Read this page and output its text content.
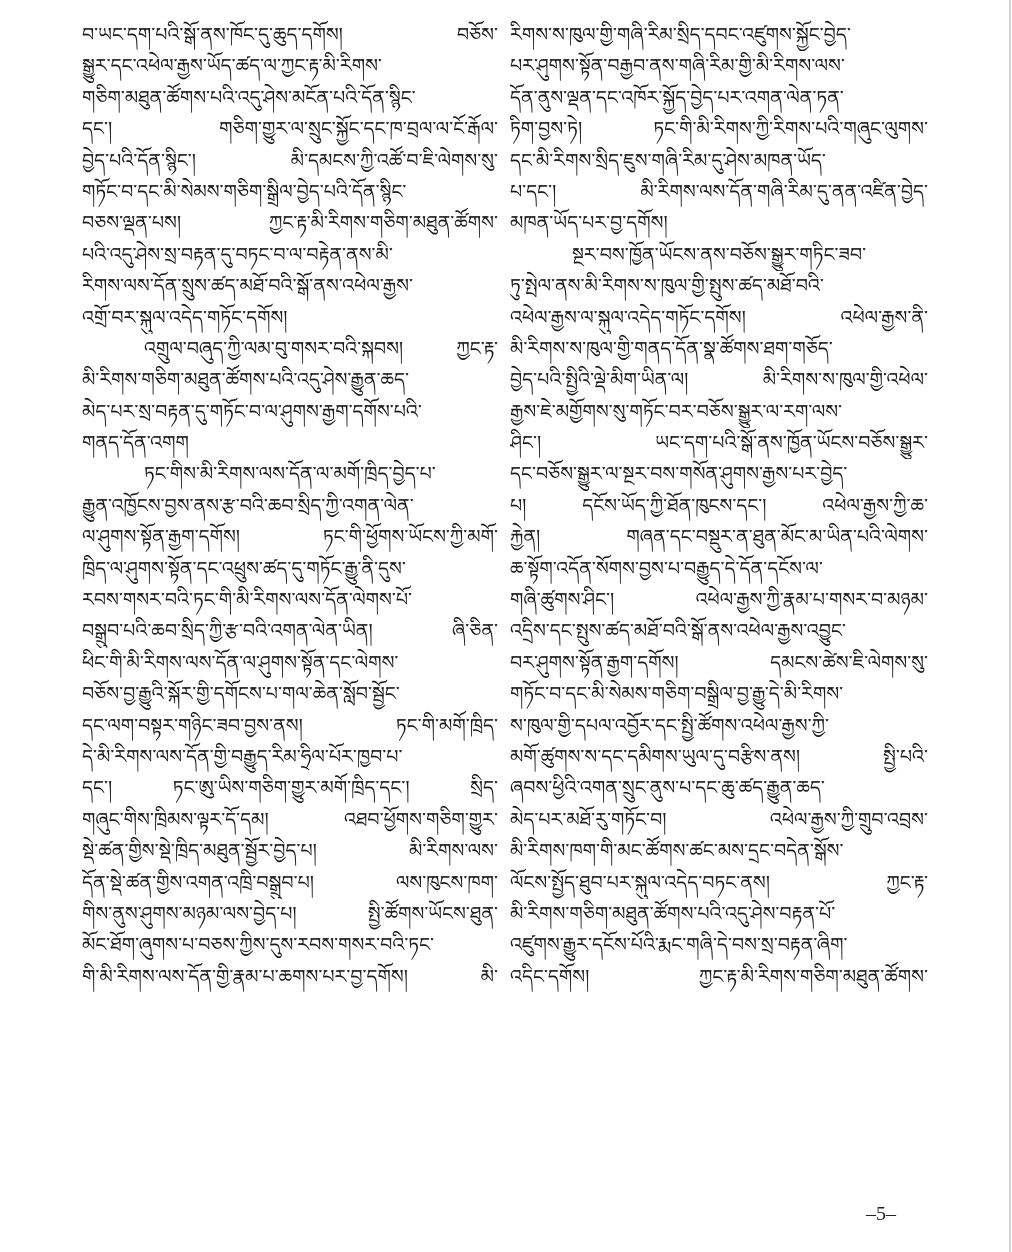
བ་ཡང་དག་པའི་སྒོ་ནས་ཁོང་དུ་ཆུད་དགོས། བཅོས་
སྒྱུར་དང་འཕེལ་རྒྱས་ཡོད་ཚད་ལ་ཀྱང་རྟ་མི་རིགས་
གཅིག་མཐུན་ཚོགས་པའི་འདུ་ཤེས་མངོན་པའི་དོན་སྙིང་
དང་། གཅིག་གྱུར་ལ་སྲུང་སྐྱོང་དང་ཁ་བྲལ་ལ་ངོ་རྒོལ་
བྱེད་པའི་དོན་སྙིང་། མི་དམངས་ཀྱི་འཚོ་བ་ཇི་ལེགས་སུ་
གཏོང་བ་དང་མི་སེམས་གཅིག་སྒྲིལ་བྱེད་པའི་དོན་སྙིང་
བཅས་ལྡན་པས། ཀྱང་རྟ་མི་རིགས་གཅིག་མཐུན་ཚོགས་
པའི་འདུ་ཤེས་སྲ་བརྟན་དུ་བཏང་བ་ལ་བརྟེན་ནས་མི་
རིགས་ལས་དོན་སྲུས་ཚད་མཐོ་བའི་སྒོ་ནས་འཕེལ་རྒྱས་
འགྲོ་བར་སྐུལ་འདེད་གཏོང་དགོས།
འགྲུལ་བཞུད་ཀྱི་ལམ་བུ་གསར་བའི་སྐབས། ཀྱང་རྟ་
མི་རིགས་གཅིག་མཐུན་ཚོགས་པའི་འདུ་ཤེས་རྒྱུན་ཆད་
མེད་པར་སྲ་བརྟན་དུ་གཏོང་བ་ལ་ཤུགས་རྒྱག་དགོས་པའི་
གནད་དོན་འགག
ཏང་གིས་མི་རིགས་ལས་དོན་ལ་མགོ་ཁྲིད་བྱེད་པ་
རྒྱུན་འཁྱོངས་བྱས་ནས་རྩ་བའི་ཆབ་སྲིད་ཀྱི་འགན་ལེན་
ལ་ཤུགས་སྟོན་རྒྱག་དགོས། ཏང་གི་ཕྱོགས་ཡོངས་ཀྱི་མགོ་
ཁྲིད་ལ་ཤུགས་སྟོན་དང་འཕྲུས་ཚད་དུ་གཏོང་རྒྱུ་ནི་དུས་
རབས་གསར་བའི་ཏང་གི་མི་རིགས་ལས་དོན་ལེགས་པོ་
བསྒྲུབ་པའི་ཆབ་སྲིད་ཀྱི་རྩ་བའི་འགན་ལེན་ཡིན། ཞི་ཅིན་
ཕིང་གི་མི་རིགས་ལས་དོན་ལ་ཤུགས་སྟོན་དང་ལེགས་
བཅོས་བྱ་རྒྱུའི་སྐོར་གྱི་དགོངས་པ་གལ་ཆེན་སློབ་སྦྱོང་
དང་ལག་བསྟར་གཉིང་ཟབ་བྱས་ནས། ཏང་གི་མགོ་ཁྲིད་
དེ་མི་རིགས་ལས་དོན་གྱི་བརྒྱུད་རིམ་ཧྲིལ་པོར་ཁྱབ་པ་
དང་། ཏང་ཨུ་ཡིས་གཅིག་གྱུར་མགོ་ཁྲིད་དང་། སྲིད་
གཞུང་གིས་ཁྲིམས་ལྟར་དོ་དམ། འཐབ་ཕྱོགས་གཅིག་གྱུར་
སྡེ་ཚན་གྱིས་སྡེ་ཁྲིད་མཐུན་སྦྱོར་བྱེད་པ། མི་རིགས་ལས་
དོན་སྡེ་ཚན་གྱིས་འགན་འཁྲི་བསྒྲུབ་པ། ལས་ཁུངས་ཁག་
གིས་ནུས་ཤུགས་མཉམ་ལས་བྱེད་པ། སྤྱི་ཚོགས་ཡོངས་ཐུན་
མོང་ཐོག་ཞུགས་པ་བཅས་ཀྱིས་དུས་རབས་གསར་བའི་ཏང་
གི་མི་རིགས་ལས་དོན་གྱི་རྣམ་པ་ཆགས་པར་བྱ་དགོས། མི་
རིགས་ས་ཁུལ་གྱི་གཞི་རིམ་སྲིད་དབང་འཛུགས་སྐྱོང་བྱེད་
པར་ཤུགས་སྟོན་བརྒྱབ་ནས་གཞི་རིམ་གྱི་མི་རིགས་ལས་
དོན་ནུས་ལྡན་དང་འཁོར་སྐྱོད་བྱེད་པར་འགན་ལེན་ཏན་
ཏིག་བྱས་ཏེ། ཏང་གི་མི་རིགས་ཀྱི་རིགས་པའི་གཞུང་ལུགས་
དང་མི་རིགས་སྲིད་ཇུས་གཞི་རིམ་དུ་ཤེས་མཁན་ཡོད་
པ་དང་། མི་རིགས་ལས་དོན་གཞི་རིམ་དུ་ནན་འཛིན་བྱེད་
མཁན་ཡོད་པར་བྱ་དགོས།
སྔར་བས་ཁྱོན་ཡོངས་ནས་བཅོས་སྒྱུར་གཏིང་ཟབ་
ཏུ་སྤེལ་ནས་མི་རིགས་ས་ཁུལ་གྱི་སྤུས་ཚད་མཐོ་བའི་
འཕེལ་རྒྱས་ལ་སྐུལ་འདེད་གཏོང་དགོས། འཕེལ་རྒྱས་ནི་
མི་རིགས་ས་ཁུལ་གྱི་གནད་དོན་སྣ་ཚོགས་ཐག་གཅོད་
བྱེད་པའི་སྤྱིའི་ལྡེ་མིག་ཡིན་ལ། མི་རིགས་ས་ཁུལ་གྱི་འཕེལ་
རྒྱས་ཇེ་མགྱོགས་སུ་གཏོང་བར་བཅོས་སྒྱུར་ལ་རག་ལས་
ཤིང་། ཡང་དག་པའི་སྒོ་ནས་ཁྱོན་ཡོངས་བཅོས་སྒྱུར་
དང་བཅོས་སྒྱུར་ལ་སྔར་བས་གསོན་ཤུགས་རྒྱས་པར་བྱེད་
པ། དངོས་ཡོད་ཀྱི་ཐོན་ཁུངས་དང་། འཕེལ་རྒྱས་ཀྱི་ཆ་
རྐྱེན། གཞན་དང་བསྡུར་ན་ཐུན་མོང་མ་ཡིན་པའི་ལེགས་
ཆ་སྟོག་འདོན་སོགས་བྱས་པ་བརྒྱུད་དེ་དོན་དངོས་ལ་
གཞི་ཚུགས་ཤིང་། འཕེལ་རྒྱས་ཀྱི་རྣམ་པ་གསར་བ་མཉམ་
འདྲིས་དང་སྤུས་ཚད་མཐོ་བའི་སྒོ་ནས་འཕེལ་རྒྱས་འབྱུང་
བར་ཤུགས་སྟོན་རྒྱག་དགོས། དམངས་ཚེས་ཇི་ལེགས་སུ་
གཏོང་བ་དང་མི་སེམས་གཅིག་བསྒྲིལ་བྱ་རྒྱུ་དེ་མི་རིགས་
ས་ཁུལ་གྱི་དཔལ་འབྱོར་དང་སྤྱི་ཚོགས་འཕེལ་རྒྱས་ཀྱི་
མགོ་ཚུགས་ས་དང་དམིགས་ཡུལ་དུ་བརྩིས་ནས། སྤྱི་པའི་
ཞབས་ཕྱིའི་འགན་སྲུང་ནུས་པ་དང་ཆུ་ཚད་རྒྱུན་ཆད་
མེད་པར་མཐོ་རུ་གཏོང་བ། འཕེལ་རྒྱས་ཀྱི་གྲུབ་འབྲས་
མི་རིགས་ཁག་གི་མང་ཚོགས་ཚང་མས་དྲང་བདེན་སྒོས་
ལོངས་སྤྱོད་ཐུབ་པར་སྐུལ་འདེད་བཏང་ནས། ཀྱང་རྟ་
མི་རིགས་གཅིག་མཐུན་ཚོགས་པའི་འདུ་ཤེས་བརྟན་པོ་
འཛུགས་རྒྱུར་དངོས་པོའི་རྨང་གཞི་དེ་བས་སྲ་བརྟན་ཞིག་
འདིང་དགོས། ཀྱང་རྟ་མི་རིགས་གཅིག་མཐུན་ཚོགས་
–5–
